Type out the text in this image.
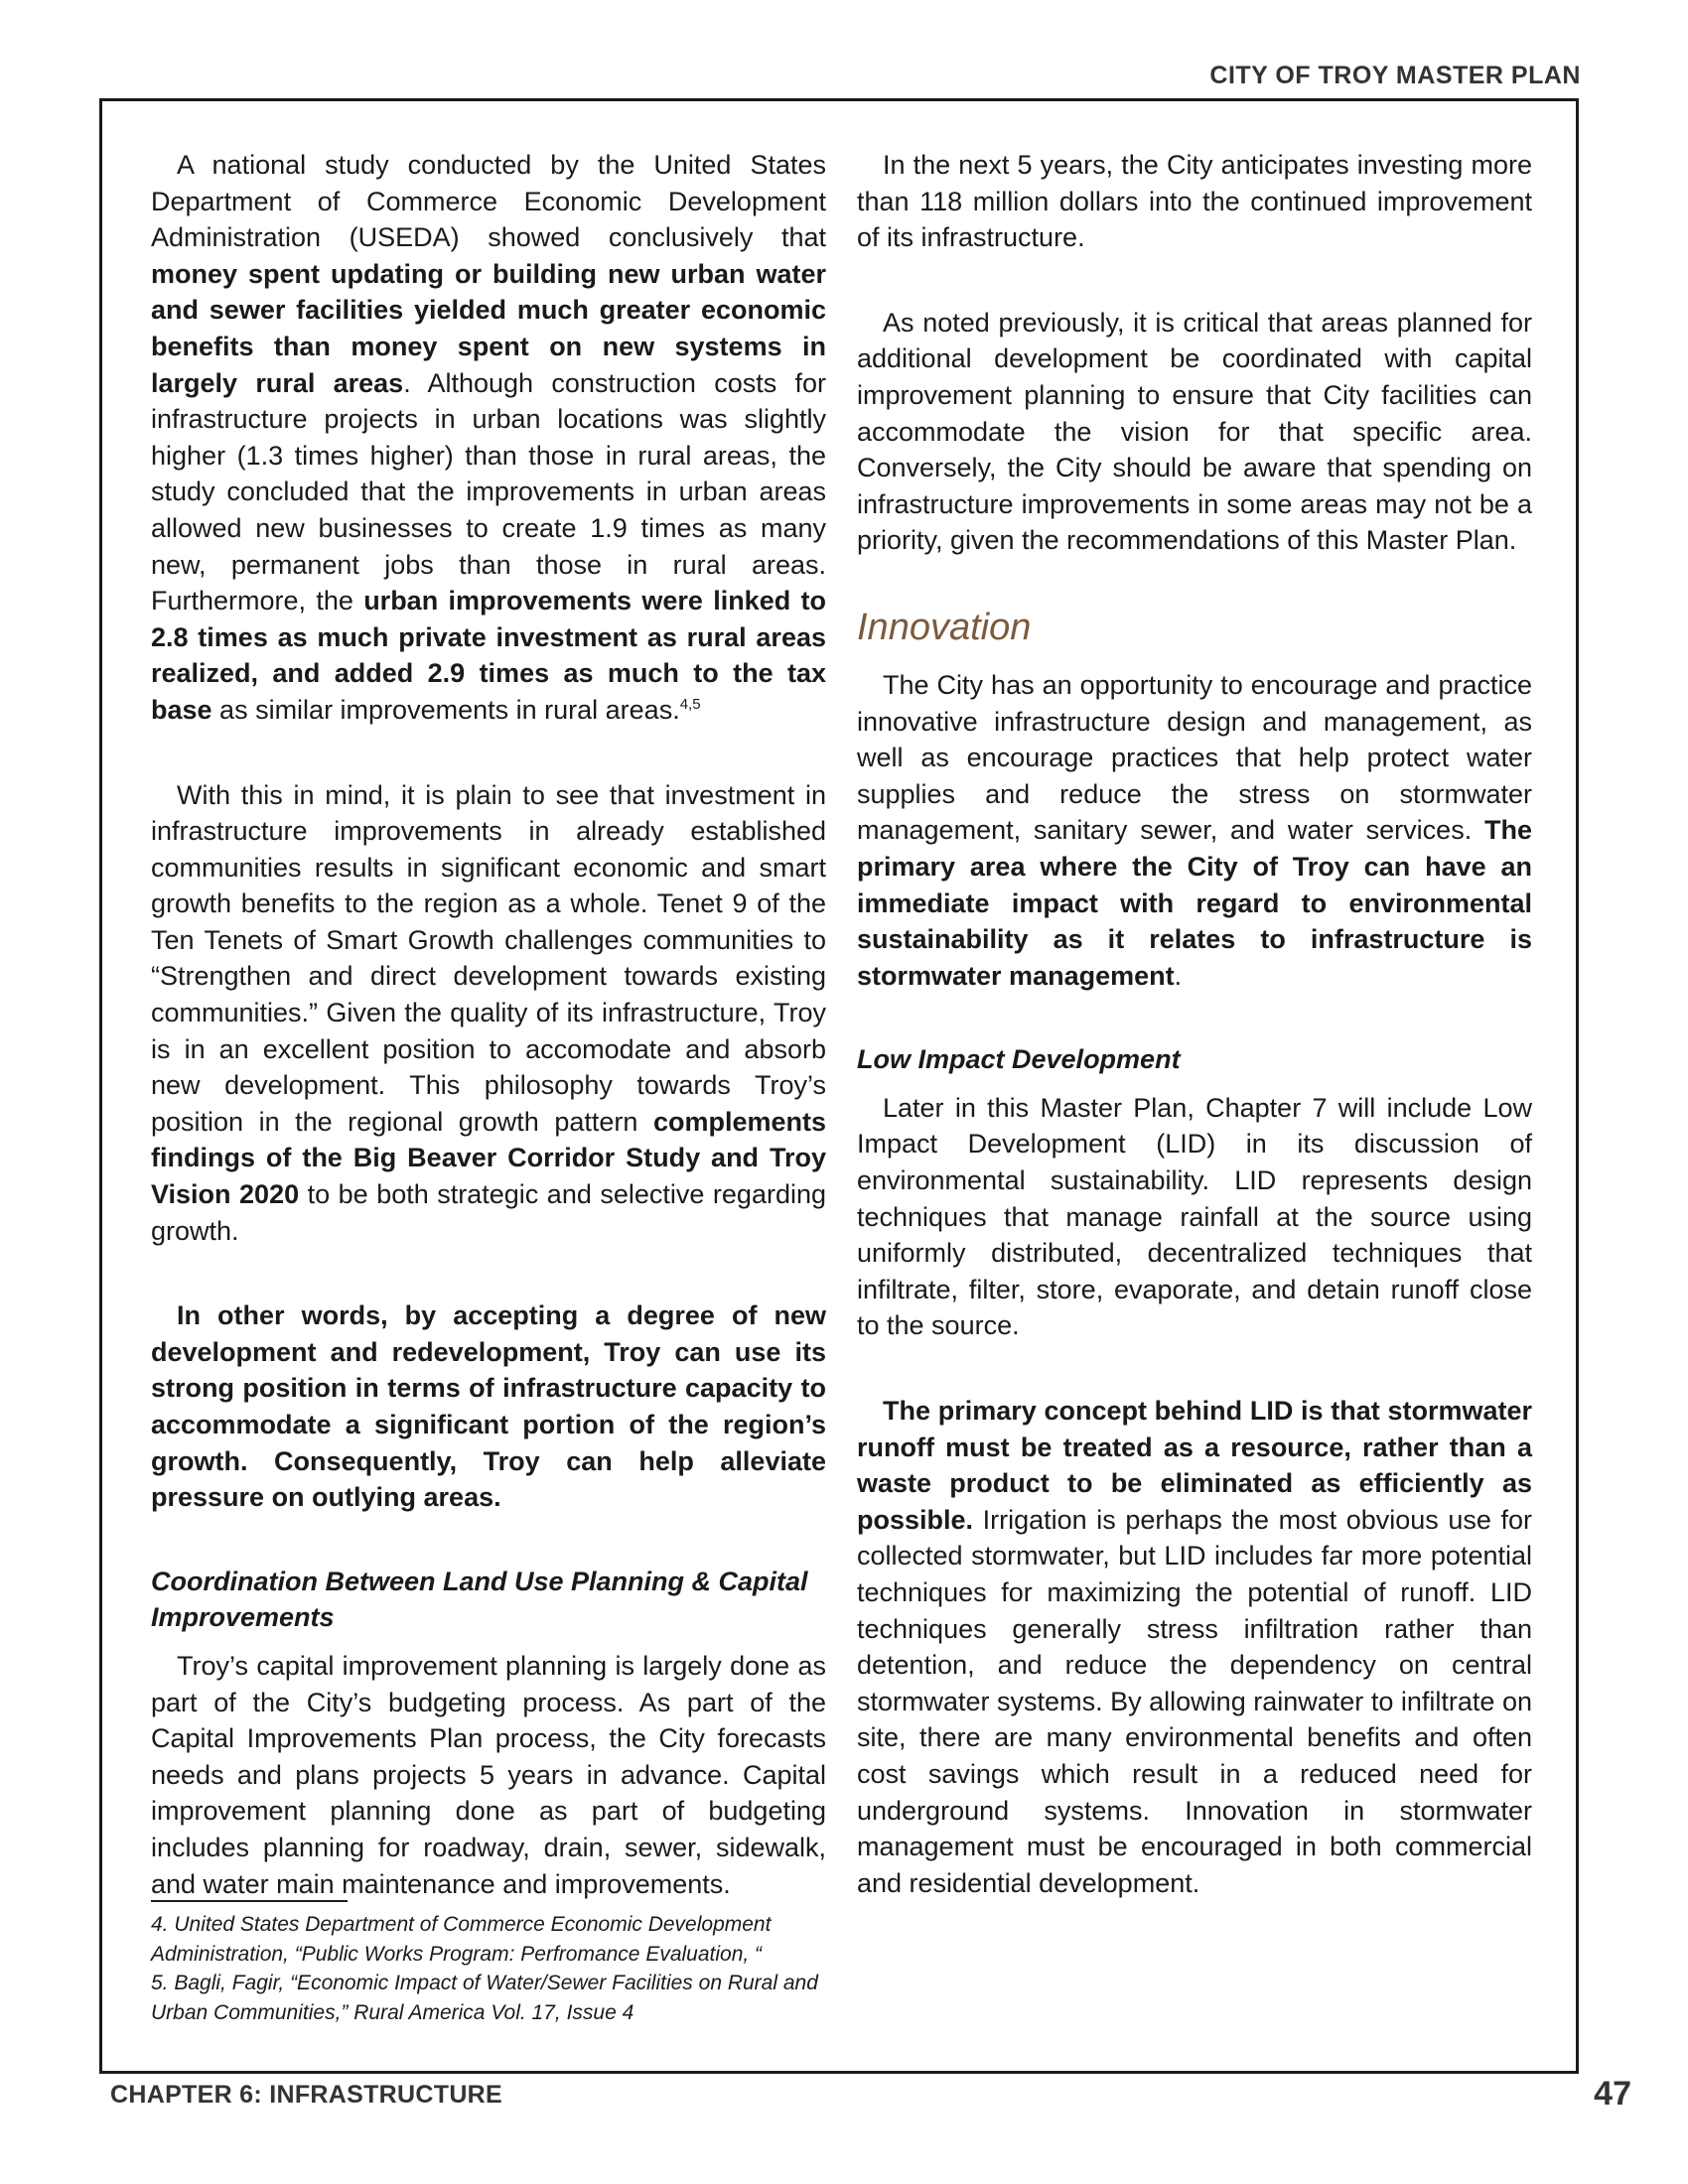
CITY OF TROY MASTER PLAN

A national study conducted by the United States Department of Commerce Economic Development Administration (USEDA) showed conclusively that money spent updating or building new urban water and sewer facilities yielded much greater economic benefits than money spent on new systems in largely rural areas. Although construction costs for infrastructure projects in urban locations was slightly higher (1.3 times higher) than those in rural areas, the study concluded that the improvements in urban areas allowed new businesses to create 1.9 times as many new, permanent jobs than those in rural areas. Furthermore, the urban improvements were linked to 2.8 times as much private investment as rural areas realized, and added 2.9 times as much to the tax base as similar improvements in rural areas.$^{4,5}$

With this in mind, it is plain to see that investment in infrastructure improvements in already established communities results in significant economic and smart growth benefits to the region as a whole. Tenet 9 of the Ten Tenets of Smart Growth challenges communities to “Strengthen and direct development towards existing communities.” Given the quality of its infrastructure, Troy is in an excellent position to accomodate and absorb new development. This philosophy towards Troy’s position in the regional growth pattern complements findings of the Big Beaver Corridor Study and Troy Vision 2020 to be both strategic and selective regarding growth.

In other words, by accepting a degree of new development and redevelopment, Troy can use its strong position in terms of infrastructure capacity to accommodate a significant portion of the region’s growth. Consequently, Troy can help alleviate pressure on outlying areas.

Coordination Between Land Use Planning & Capital Improvements

Troy’s capital improvement planning is largely done as part of the City’s budgeting process. As part of the Capital Improvements Plan process, the City forecasts needs and plans projects 5 years in advance. Capital improvement planning done as part of budgeting includes planning for roadway, drain, sewer, sidewalk, and water main maintenance and improvements.

4. United States Department of Commerce Economic Development Administration, “Public Works Program: Perfromance Evaluation, “
5. Bagli, Fagir, “Economic Impact of Water/Sewer Facilities on Rural and Urban Communities,” Rural America Vol. 17, Issue 4

In the next 5 years, the City anticipates investing more than 118 million dollars into the continued improvement of its infrastructure.

As noted previously, it is critical that areas planned for additional development be coordinated with capital improvement planning to ensure that City facilities can accommodate the vision for that specific area. Conversely, the City should be aware that spending on infrastructure improvements in some areas may not be a priority, given the recommendations of this Master Plan.

Innovation

The City has an opportunity to encourage and practice innovative infrastructure design and management, as well as encourage practices that help protect water supplies and reduce the stress on stormwater management, sanitary sewer, and water services. The primary area where the City of Troy can have an immediate impact with regard to environmental sustainability as it relates to infrastructure is stormwater management.

Low Impact Development

Later in this Master Plan, Chapter 7 will include Low Impact Development (LID) in its discussion of environmental sustainability. LID represents design techniques that manage rainfall at the source using uniformly distributed, decentralized techniques that infiltrate, filter, store, evaporate, and detain runoff close to the source.

The primary concept behind LID is that stormwater runoff must be treated as a resource, rather than a waste product to be eliminated as efficiently as possible. Irrigation is perhaps the most obvious use for collected stormwater, but LID includes far more potential techniques for maximizing the potential of runoff. LID techniques generally stress infiltration rather than detention, and reduce the dependency on central stormwater systems. By allowing rainwater to infiltrate on site, there are many environmental benefits and often cost savings which result in a reduced need for underground systems. Innovation in stormwater management must be encouraged in both commercial and residential development.

CHAPTER 6: INFRASTRUCTURE	47
